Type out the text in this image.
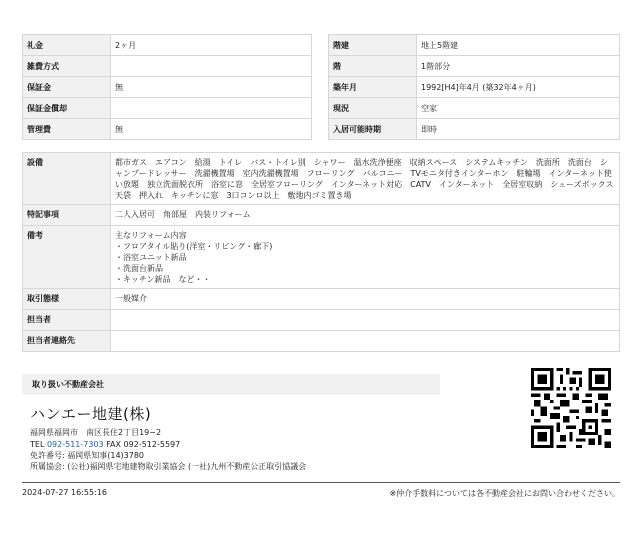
礼金	2ヶ月
雑費方式	
保証金	無
保証金償却	
管理費	無
階建	地上5階建
階	1階部分
築年月	1992[H4]年4月 (築32年4ヶ月)
現況	空家
入居可能時期	即時
設備	都市ガス　エアコン　給湯　トイレ　バス・トイレ別　シャワー　温水洗浄便座　収納スペース　システムキッチン　洗面所　洗面台　シャンプードレッサー　洗濯機置場　室内洗濯機置場　フローリング　バルコニー　TVモニタ付きインターホン　駐輪場　インターネット使い放題　独立洗面脱衣所　浴室に窓　全居室フローリング　インターネット対応　CATV　インターネット　全居室収納　シューズボックス　天袋　押入れ　キッチンに窓　3口コンロ以上　敷地内ゴミ置き場
特記事項	二人入居可　角部屋　内装リフォーム
備考	主なリフォーム内容
・フロアタイル貼り(洋室・リビング・廊下)
・浴室ユニット新品
・洗面台新品
・キッチン新品　など・・
取引態様	一般媒介
担当者	
担当者連絡先	
取り扱い不動産会社
ハンエー地建(株)
福岡県福岡市　南区長住2丁目19−2
TEL 092-511-7303 FAX 092-512-5597
免許番号: 福岡県知事(14)3780
所属協会: (公社)福岡県宅地建物取引業協会 (一社)九州不動産公正取引協議会
2024-07-27 16:55:16	※仲介手数料については各不動産会社にお問い合わせください。
